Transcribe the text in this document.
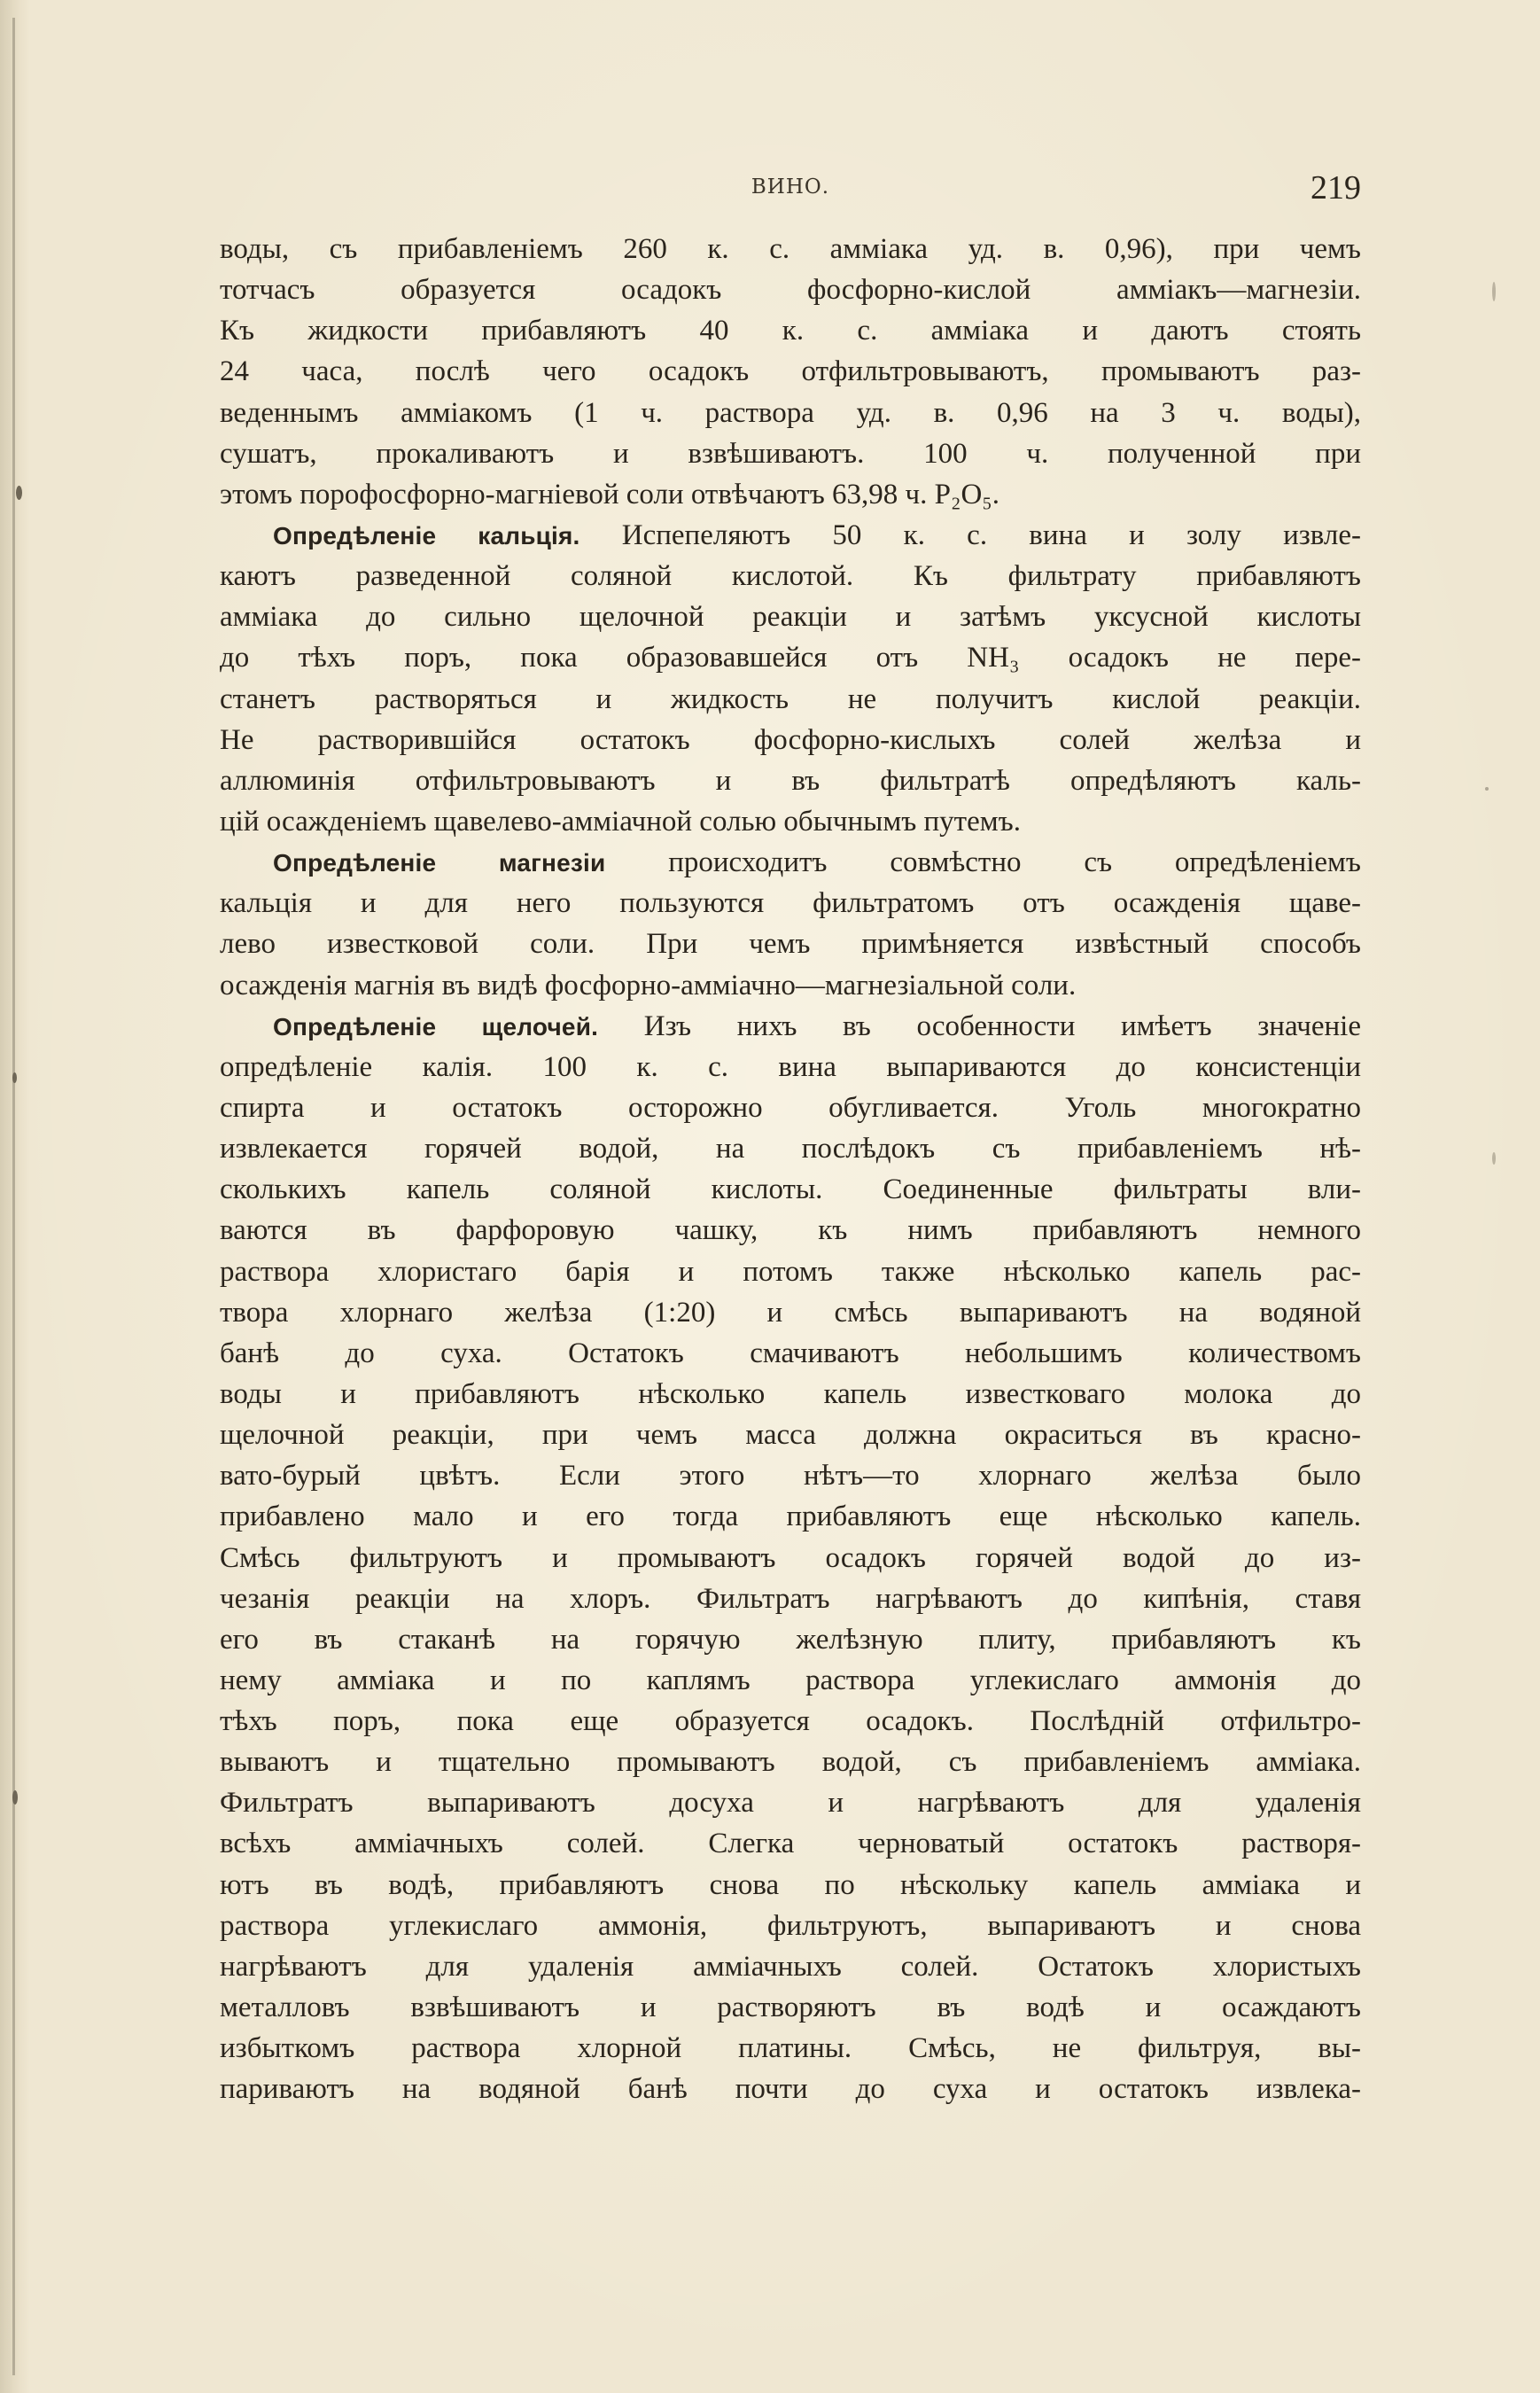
ВИНО.	219
воды, съ прибавленіемъ 260 к. с. амміака уд. в. 0,96), при чемъ
тотчасъ образуется осадокъ фосфорно-кислой амміакъ—магнезіи.
Къ жидкости прибавляютъ 40 к. с. амміака и даютъ стоять
24 часа, послѣ чего осадокъ отфильтровываютъ, промываютъ раз-
веденнымъ амміакомъ (1 ч. раствора уд. в. 0,96 на 3 ч. воды),
сушатъ, прокаливаютъ и взвѣшиваютъ. 100 ч. полученной при
этомъ порофосфорно-магніевой соли отвѣчаютъ 63,98 ч. P₂O₅.
Опредѣленіе кальція. Испепеляютъ 50 к. с. вина и золу извле-
каютъ разведенной соляной кислотой. Къ фильтрату прибавляютъ
амміака до сильно щелочной реакціи и затѣмъ уксусной кислоты
до тѣхъ поръ, пока образовавшейся отъ NH₃ осадокъ не пере-
станетъ растворяться и жидкость не получитъ кислой реакціи.
Не растворившійся остатокъ фосфорно-кислыхъ солей желѣза и
аллюминія отфильтровываютъ и въ фильтратѣ опредѣляютъ каль-
цій осажденіемъ щавелево-амміачной солью обычнымъ путемъ.
Опредѣленіе магнезіи происходитъ совмѣстно съ опредѣленіемъ
кальція и для него пользуются фильтратомъ отъ осажденія щаве-
лево известковой соли. При чемъ примѣняется извѣстный способъ
осажденія магнія въ видѣ фосфорно-амміачно—магнезіальной соли.
Опредѣленіе щелочей. Изъ нихъ въ особенности имѣетъ значеніе
опредѣленіе калія. 100 к. с. вина выпариваются до консистенціи
спирта и остатокъ осторожно обугливается. Уголь многократно
извлекается горячей водой, на послѣдокъ съ прибавленіемъ нѣ-
сколькихъ капель соляной кислоты. Соединенные фильтраты вли-
ваются въ фарфоровую чашку, къ нимъ прибавляютъ немного
раствора хлористаго барія и потомъ также нѣсколько капель рас-
твора хлорнаго желѣза (1:20) и смѣсь выпариваютъ на водяной
банѣ до суха. Остатокъ смачиваютъ небольшимъ количествомъ
воды и прибавляютъ нѣсколько капель известковаго молока до
щелочной реакціи, при чемъ масса должна окраситься въ красно-
вато-бурый цвѣтъ. Если этого нѣтъ—то хлорнаго желѣза было
прибавлено мало и его тогда прибавляютъ еще нѣсколько капель.
Смѣсь фильтруютъ и промываютъ осадокъ горячей водой до из-
чезанія реакціи на хлоръ. Фильтратъ нагрѣваютъ до кипѣнія, ставя
его въ стаканѣ на горячую желѣзную плиту, прибавляютъ къ
нему амміака и по каплямъ раствора углекислаго аммонія до
тѣхъ поръ, пока еще образуется осадокъ. Послѣдній отфильтро-
вываютъ и тщательно промываютъ водой, съ прибавленіемъ амміака.
Фильтратъ выпариваютъ досуха и нагрѣваютъ для удаленія
всѣхъ амміачныхъ солей. Слегка черноватый остатокъ растворя-
ютъ въ водѣ, прибавляютъ снова по нѣскольку капель амміака и
раствора углекислаго аммонія, фильтруютъ, выпариваютъ и снова
нагрѣваютъ для удаленія амміачныхъ солей. Остатокъ хлористыхъ
металловъ взвѣшиваютъ и растворяютъ въ водѣ и осаждаютъ
избыткомъ раствора хлорной платины. Смѣсь, не фильтруя, вы-
париваютъ на водяной банѣ почти до суха и остатокъ извлека-
